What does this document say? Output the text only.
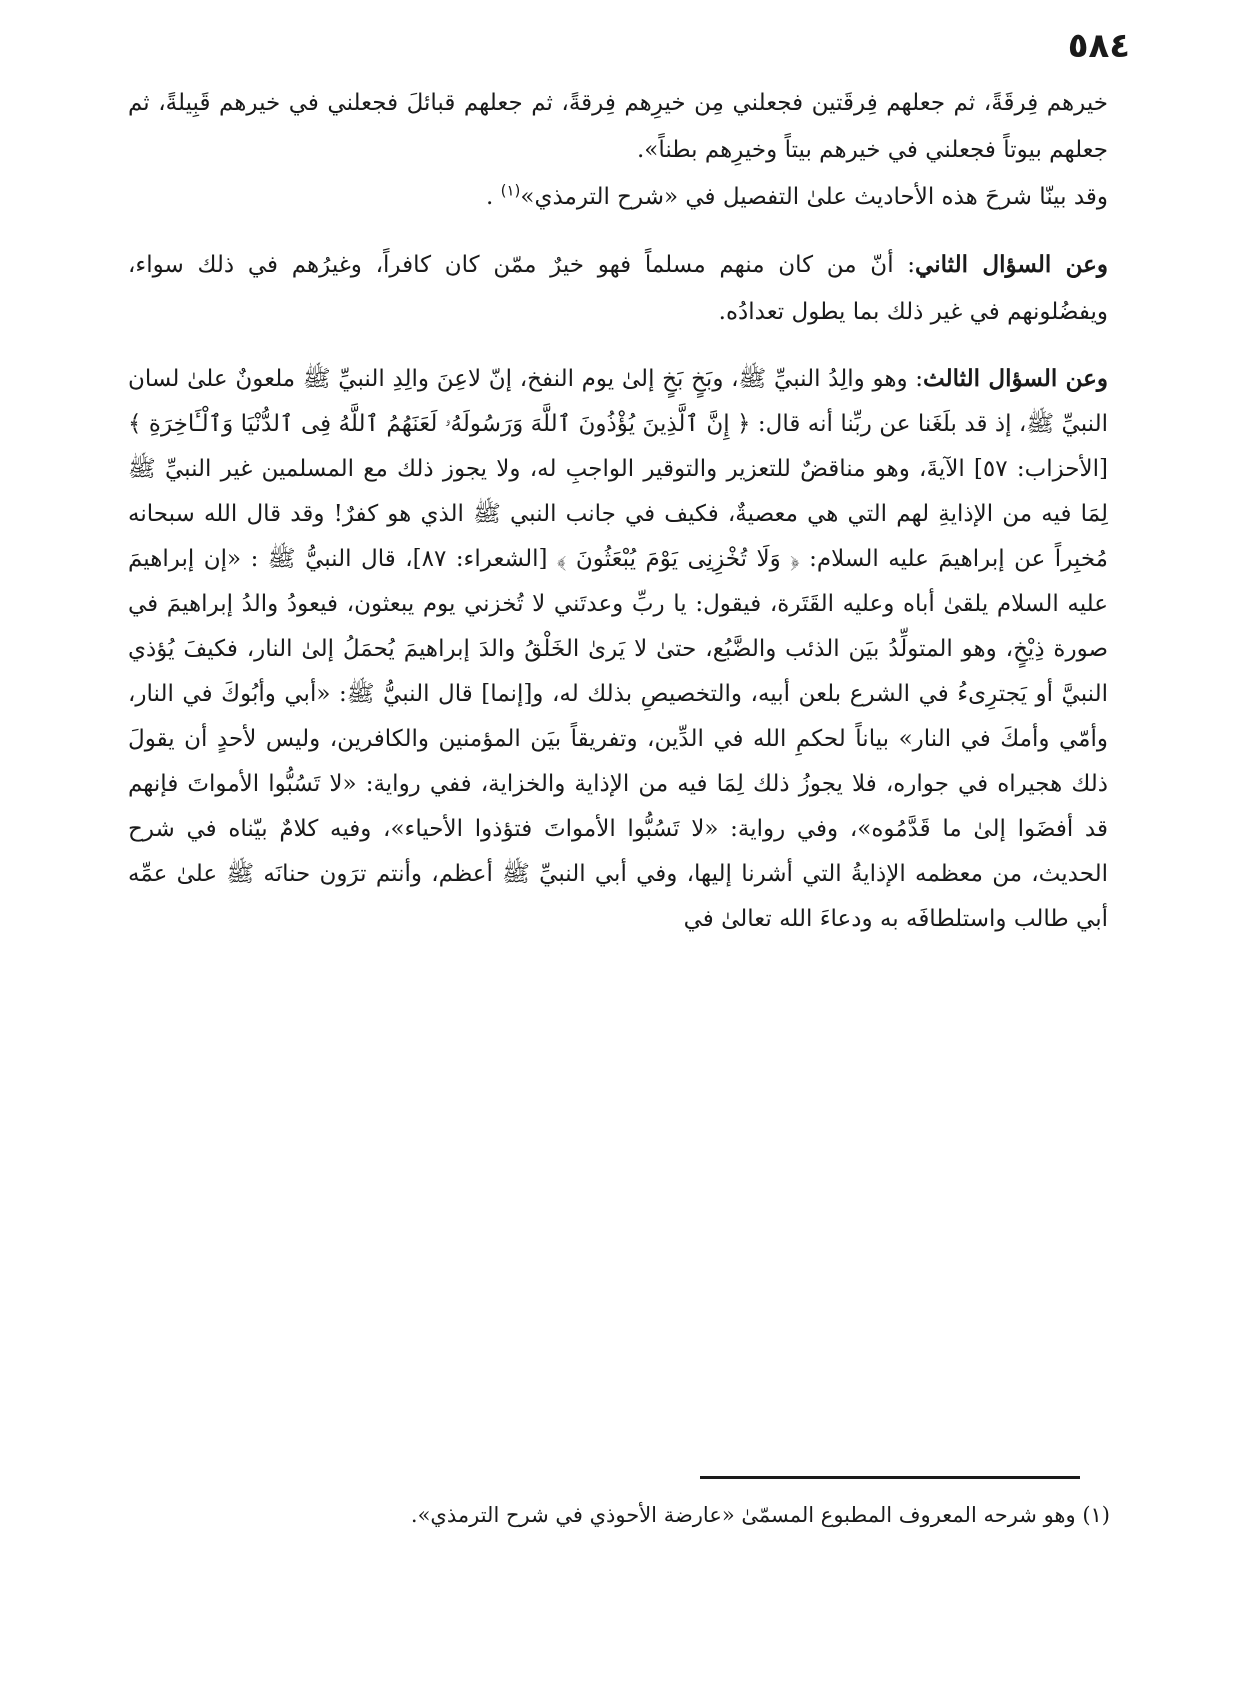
٥٨٤

خيرهم فِرقَةً، ثم جعلهم فِرقَتين فجعلني مِن خيرِهم فِرقةً، ثم جعلهم قبائلَ فجعلني في خيرهم قَبِيلةً، ثم جعلهم بيوتاً فجعلني في خيرهم بيتاً وخيرِهم بطناً».
وقد بينّا شرحَ هذه الأحاديث علىٰ التفصيل في «شرح الترمذي»$^{(١)}$ .

وعن السؤال الثاني: أنّ من كان منهم مسلماً فهو خيرٌ ممّن كان كافراً، وغيرُهم في ذلك سواء، ويفضُلونهم في غير ذلك بما يطول تعدادُه.

وعن السؤال الثالث: وهو والِدُ النبيِّ ﷺ، وبَخٍ بَخٍ إلىٰ يوم النفخ، إنّ لاعِنَ والِدِ النبيِّ ﷺ ملعونٌ علىٰ لسان النبيِّ ﷺ، إذ قد بلَغَنا عن ربِّنا أنه قال: ﴿ إِنَّ ٱلَّذِينَ يُؤْذُونَ ٱللَّهَ وَرَسُولَهُۥ لَعَنَهُمُ ٱللَّهُ فِى ٱلدُّنْيَا وَٱلْـَٔاخِرَةِ ﴾ [الأحزاب: ٥٧] الآيةَ، وهو مناقضٌ للتعزير والتوقير الواجبِ له، ولا يجوز ذلك مع المسلمين غير النبيِّ ﷺ لِمَا فيه من الإذايةِ لهم التي هي معصيةٌ، فكيف في جانب النبي ﷺ الذي هو كفرٌ! وقد قال الله سبحانه مُخبِراً عن إبراهيمَ عليه السلام: ﴿ وَلَا تُخْزِنِى يَوْمَ يُبْعَثُونَ ﴾ [الشعراء: ٨٧]، قال النبيُّ ﷺ : «إن إبراهيمَ عليه السلام يلقىٰ أباه وعليه القَتَرة، فيقول: يا ربِّ وعدتَني لا تُخزني يوم يبعثون، فيعودُ والدُ إبراهيمَ في صورة ذِيْخٍ، وهو المتولِّدُ بيَن الذئب والضَّبُع، حتىٰ لا يَرىٰ الخَلْقُ والدَ إبراهيمَ يُحمَلُ إلىٰ النار، فكيفَ يُؤذي النبيَّ أو يَجترِىءُ في الشرع بلعن أبيه، والتخصيصِ بذلك له، و[إنما] قال النبيُّ ﷺ: «أبي وأبُوكَ في النار، وأمّي وأمكَ في النار» بياناً لحكمِ الله في الدِّين، وتفريقاً بيَن المؤمنين والكافرين، وليس لأحدٍ أن يقولَ ذلك هجيراه في جواره، فلا يجوزُ ذلك لِمَا فيه من الإذاية والخزاية، ففي رواية: «لا تَسُبُّوا الأمواتَ فإنهم قد أفضَوا إلىٰ ما قَدَّمُوه»، وفي رواية: «لا تَسُبُّوا الأمواتَ فتؤذوا الأحياء»، وفيه كلامٌ بيّناه في شرح الحديث، من معظمه الإذايةُ التي أشرنا إليها، وفي أبي النبيِّ ﷺ أعظم، وأنتم ترَون حنانَه ﷺ علىٰ عمِّه أبي طالب واستلطافَه به ودعاءَ الله تعالىٰ في

(١) وهو شرحه المعروف المطبوع المسمّىٰ «عارضة الأحوذي في شرح الترمذي».
